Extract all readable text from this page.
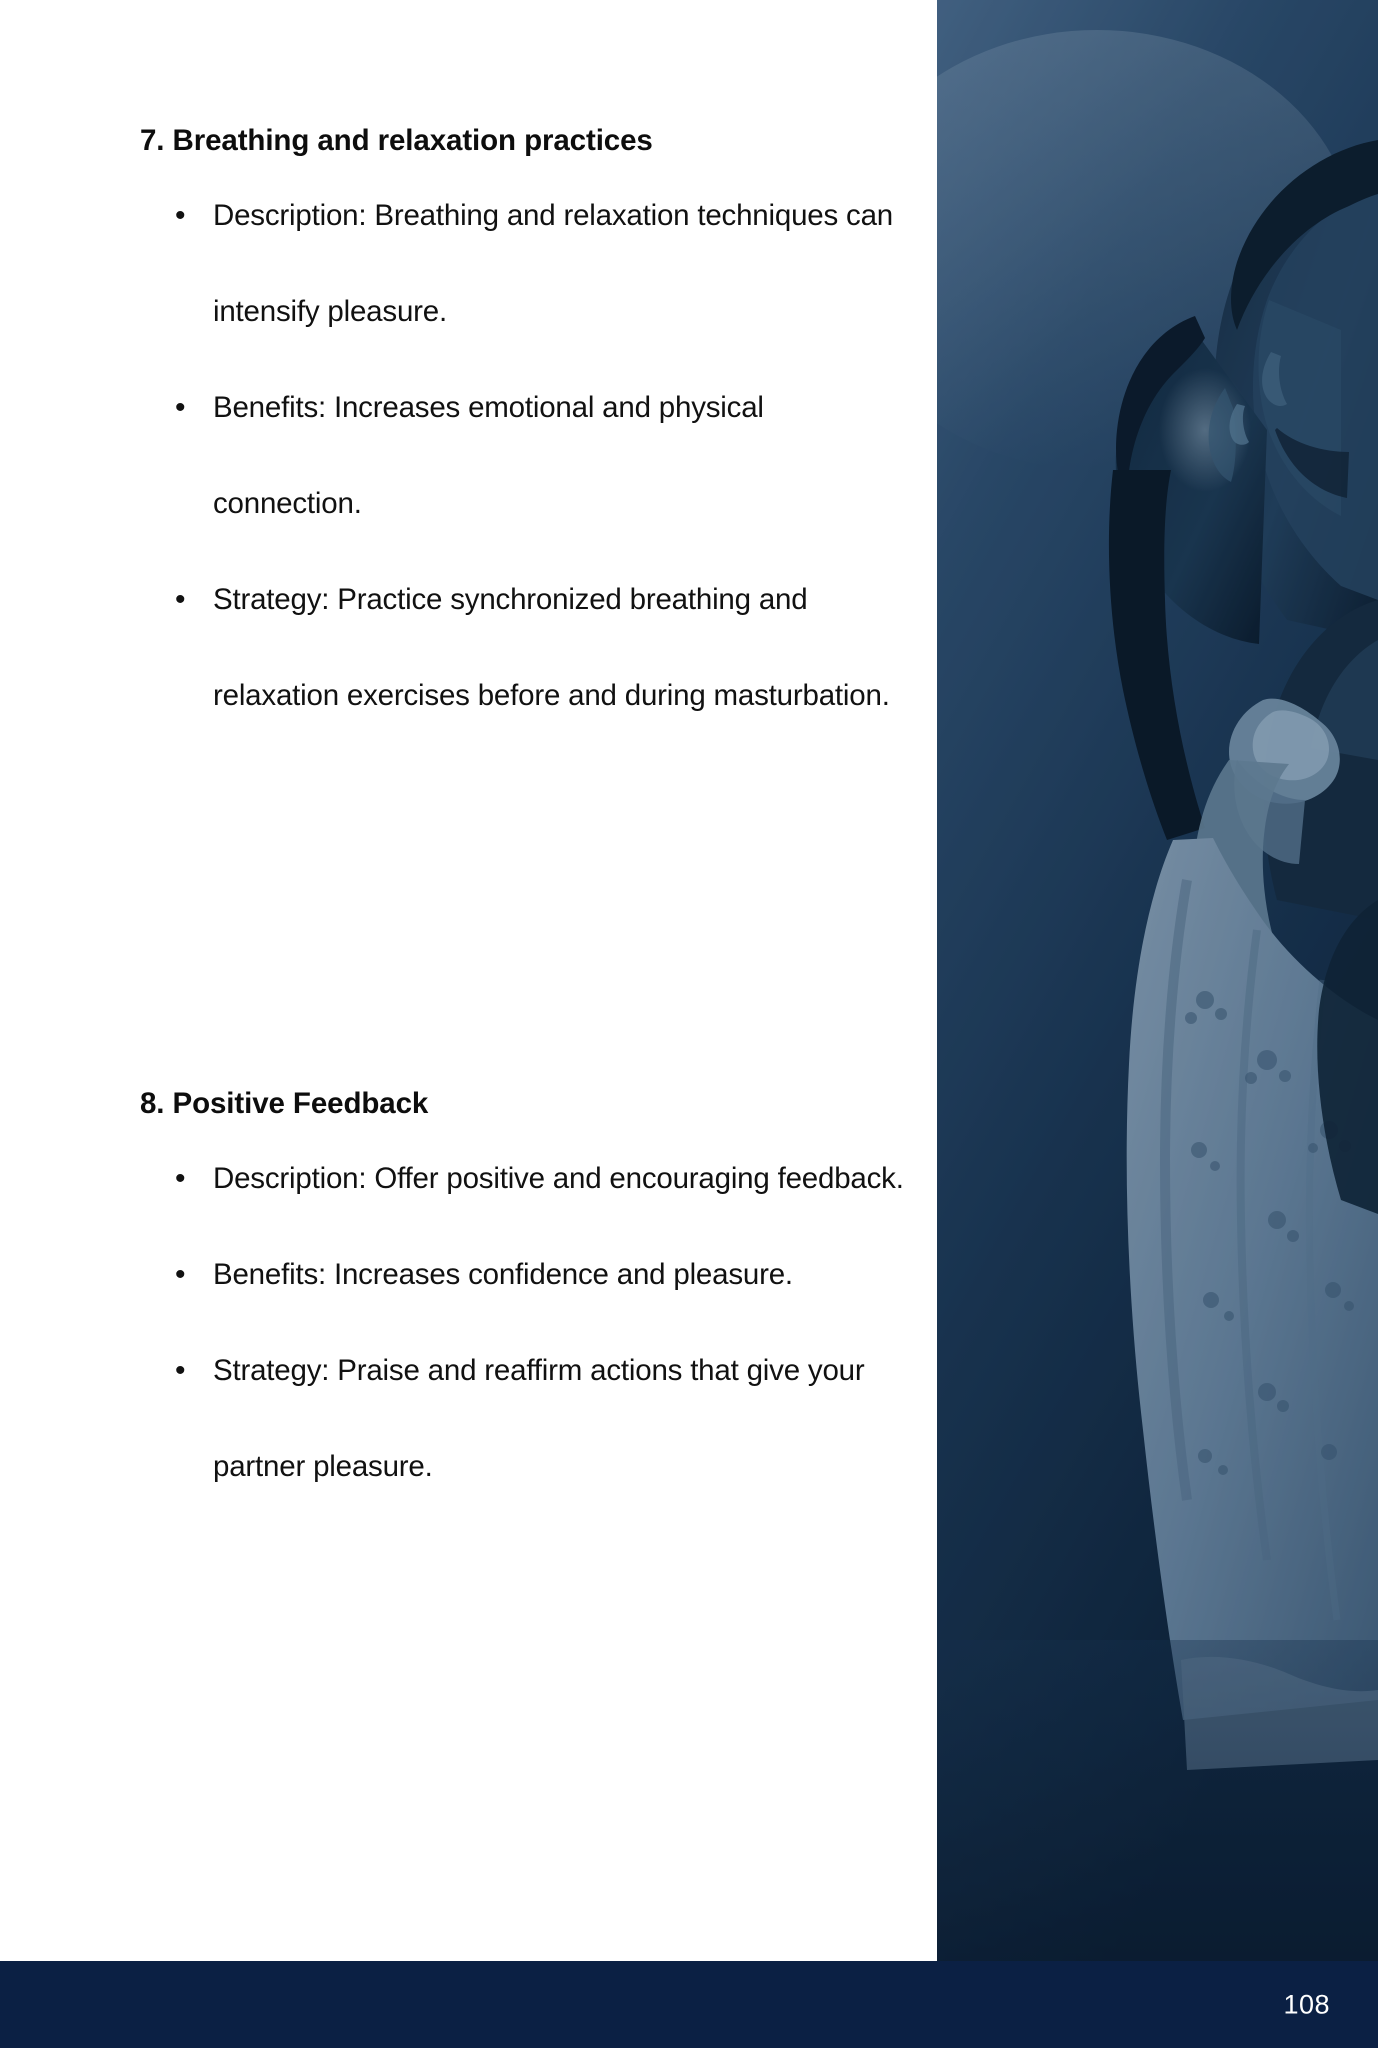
7. Breathing and relaxation practices
• Description: Breathing and relaxation techniques can intensify pleasure.
• Benefits: Increases emotional and physical connection.
• Strategy: Practice synchronized breathing and relaxation exercises before and during masturbation.
8. Positive Feedback
• Description: Offer positive and encouraging feedback.
• Benefits: Increases confidence and pleasure.
• Strategy: Praise and reaffirm actions that give your partner pleasure.
108
